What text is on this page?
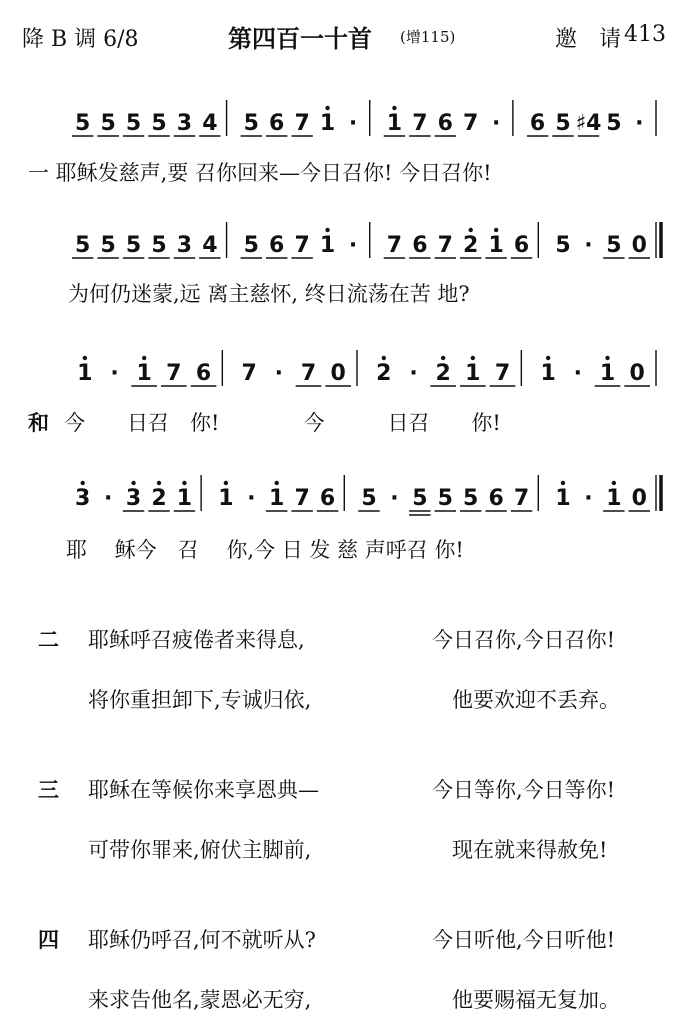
降 B 调 6/8	第四百一十首 (增115)	邀　请 413
5 5 5 5 3 4 5 6 7 1 · 1 7 6 7 · 6 5 ♯4 5 ·
5 5 5 5 3 4 5 6 7 1 · 7 6 7 2 1 6 5 · 5 0
1 · 1 7 6 7 · 7 0 2 · 2 1 7 1 · 1 0
3 · 3 2 1 1 · 1 7 6 5 · 5 5 5 6 7 1 · 1 0
一 耶稣发慈声,要 召你回来—今日召你! 今日召你!
为何仍迷蒙,远 离主慈怀, 终日流荡在苦 地?
和 今　　日召　你!　　　　今　　　日召　　你!
耶　 稣今　召　 你,今 日 发 慈 声呼召 你!
二 耶稣呼召疲倦者来得息,	今日召你,今日召你!
将你重担卸下,专诚归依,	他要欢迎不丢弃。
三 耶稣在等候你来享恩典—	今日等你,今日等你!
可带你罪来,俯伏主脚前,	现在就来得赦免!
四 耶稣仍呼召,何不就听从?	今日听他,今日听他!
来求告他名,蒙恩必无穷,	他要赐福无复加。
